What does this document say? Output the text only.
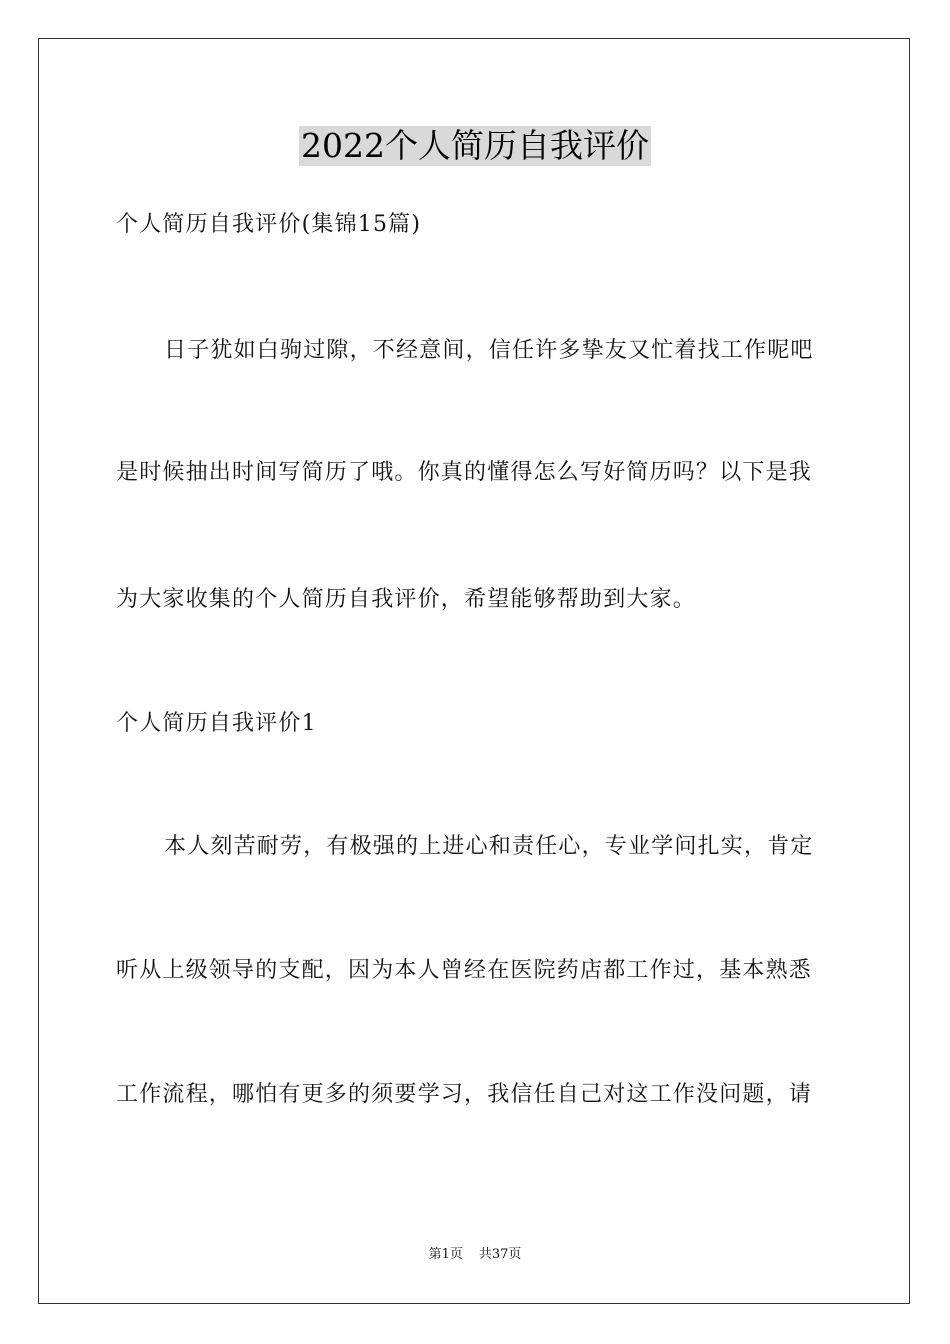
2022个人简历自我评价
个人简历自我评价(集锦15篇)
日子犹如白驹过隙，不经意间，信任许多挚友又忙着找工作呢吧
是时候抽出时间写简历了哦。你真的懂得怎么写好简历吗？以下是我
为大家收集的个人简历自我评价，希望能够帮助到大家。
个人简历自我评价1
本人刻苦耐劳，有极强的上进心和责任心，专业学问扎实，肯定
听从上级领导的支配，因为本人曾经在医院药店都工作过，基本熟悉
工作流程，哪怕有更多的须要学习，我信任自己对这工作没问题，请
第1页 共37页
